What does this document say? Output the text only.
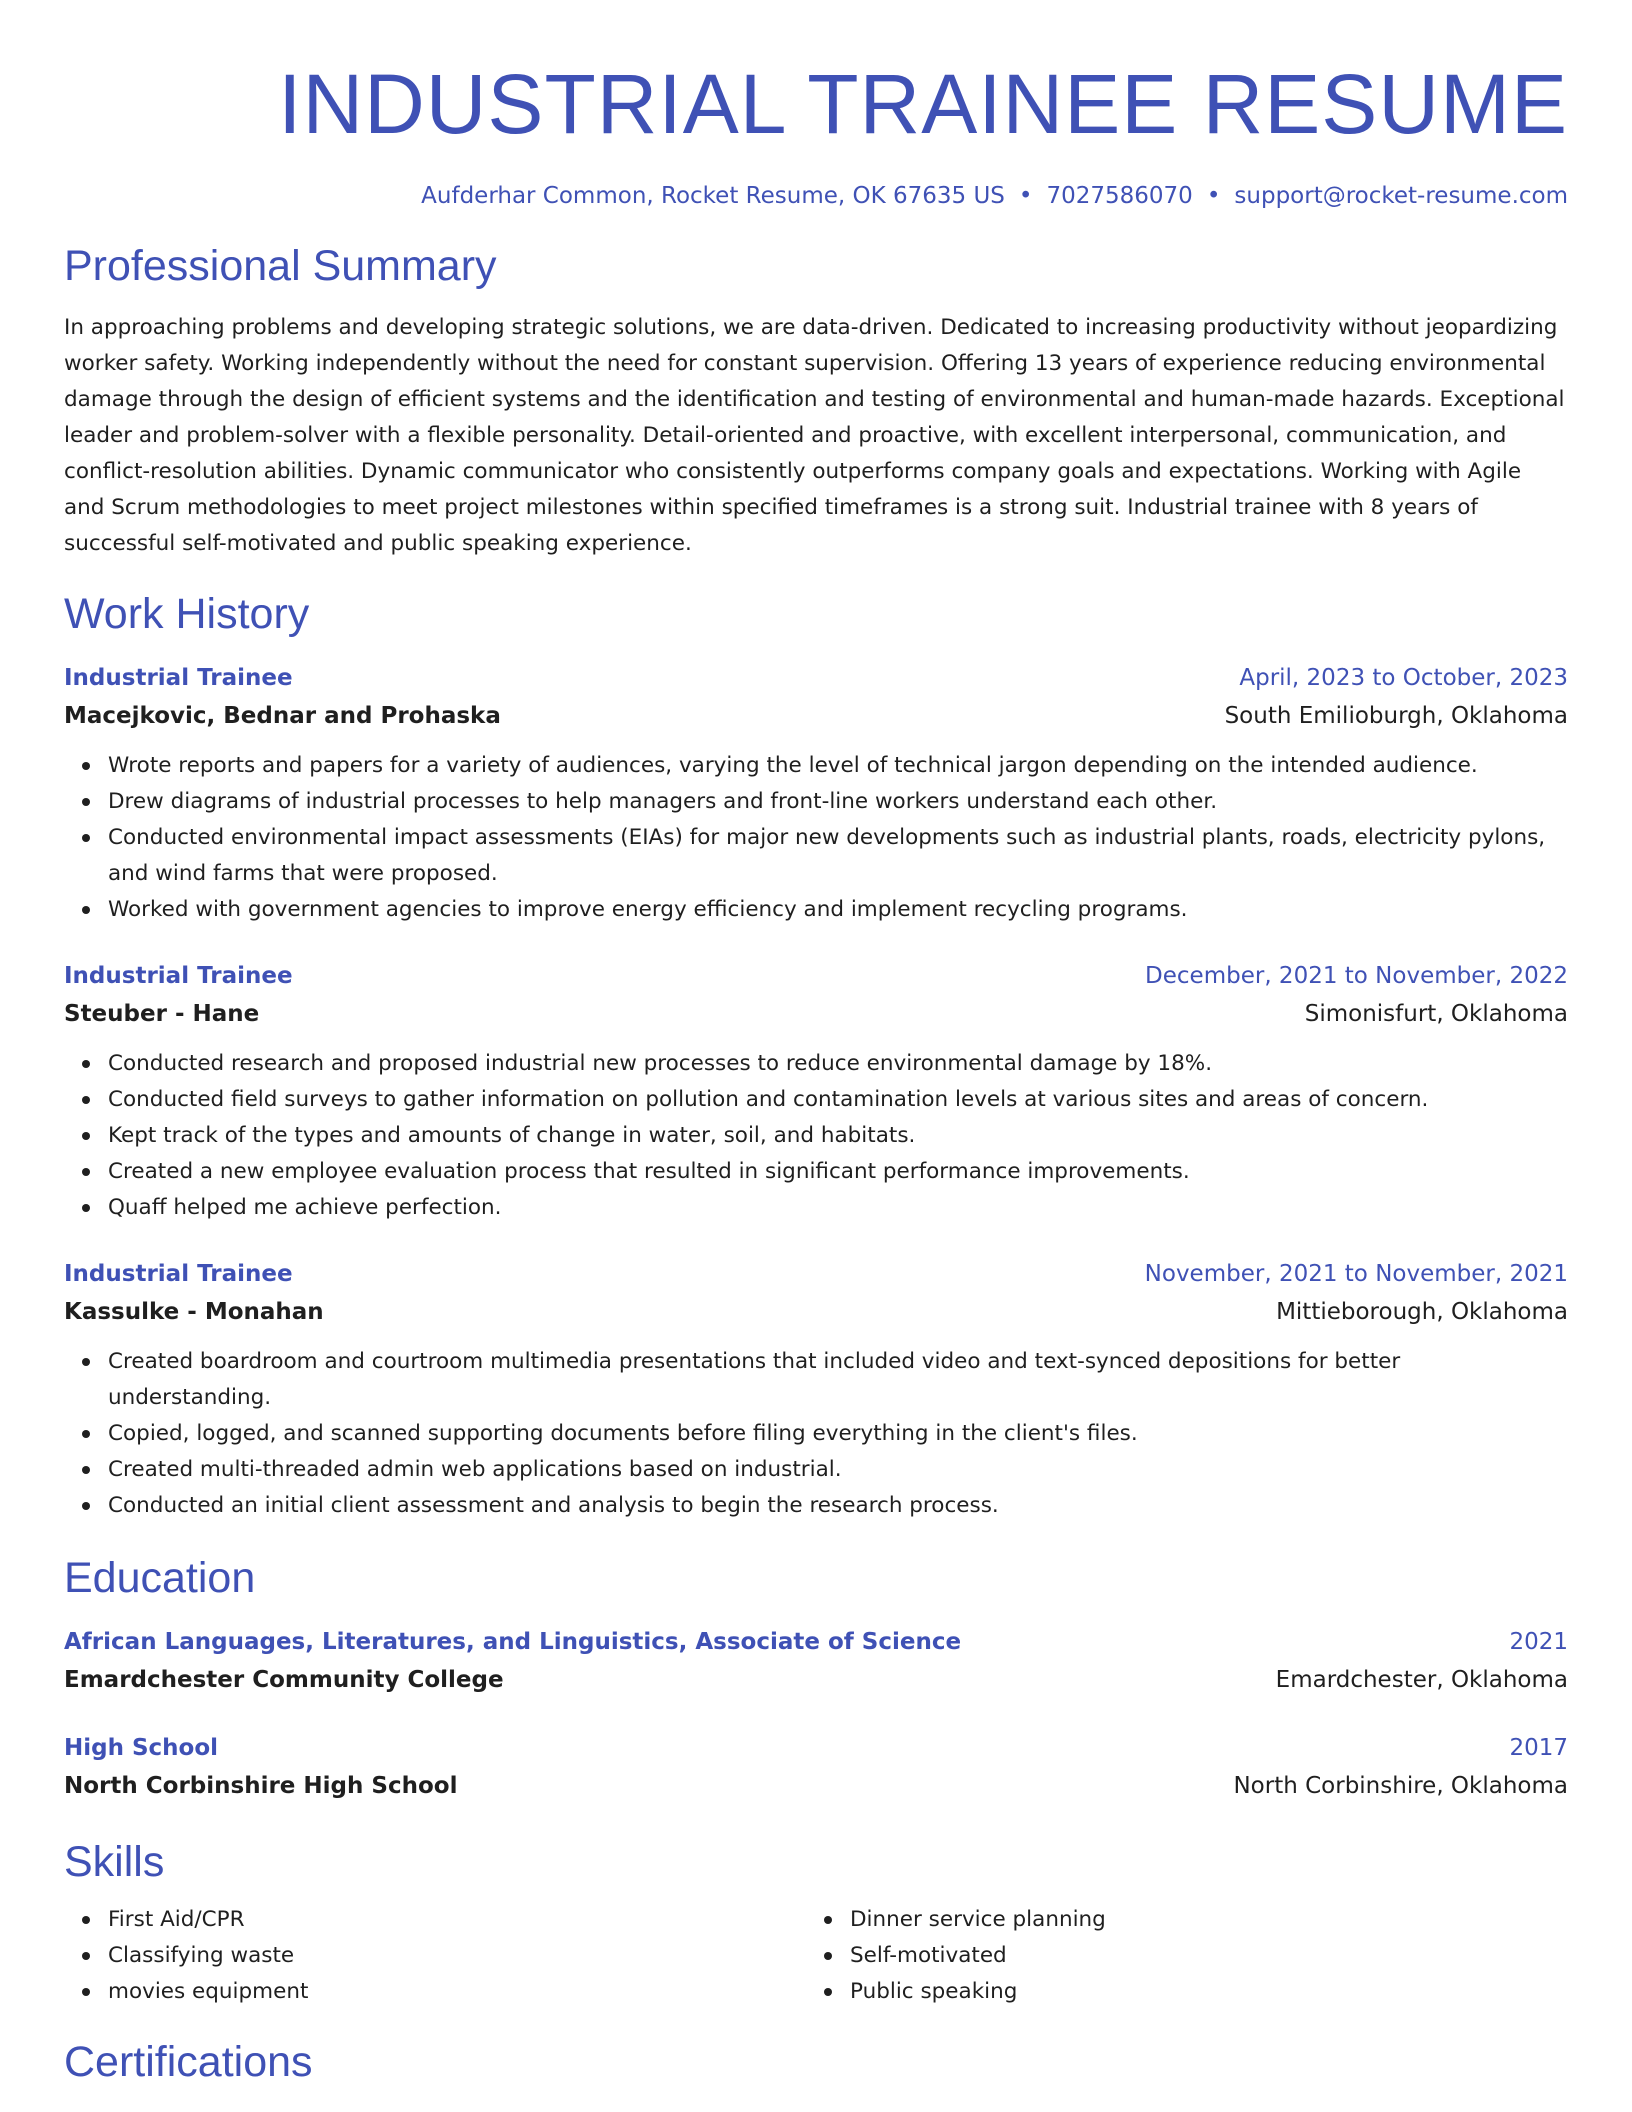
INDUSTRIAL TRAINEE RESUME
Aufderhar Common, Rocket Resume, OK 67635 US • 7027586070 • support@rocket-resume.com
Professional Summary

In approaching problems and developing strategic solutions, we are data-driven. Dedicated to increasing productivity without jeopardizing worker safety. Working independently without the need for constant supervision. Offering 13 years of experience reducing environmental damage through the design of efficient systems and the identification and testing of environmental and human-made hazards. Exceptional leader and problem-solver with a flexible personality. Detail-oriented and proactive, with excellent interpersonal, communication, and conflict-resolution abilities. Dynamic communicator who consistently outperforms company goals and expectations. Working with Agile and Scrum methodologies to meet project milestones within specified timeframes is a strong suit. Industrial trainee with 8 years of successful self-motivated and public speaking experience.

Work History
Industrial Trainee	April, 2023 to October, 2023
Macejkovic, Bednar and Prohaska	South Emilioburgh, Oklahoma
Wrote reports and papers for a variety of audiences, varying the level of technical jargon depending on the intended audience.
Drew diagrams of industrial processes to help managers and front-line workers understand each other.
Conducted environmental impact assessments (EIAs) for major new developments such as industrial plants, roads, electricity pylons, and wind farms that were proposed.
Worked with government agencies to improve energy efficiency and implement recycling programs.
Industrial Trainee	December, 2021 to November, 2022
Steuber - Hane	Simonisfurt, Oklahoma
Conducted research and proposed industrial new processes to reduce environmental damage by 18%.
Conducted field surveys to gather information on pollution and contamination levels at various sites and areas of concern.
Kept track of the types and amounts of change in water, soil, and habitats.
Created a new employee evaluation process that resulted in significant performance improvements.
Quaff helped me achieve perfection.
Industrial Trainee	November, 2021 to November, 2021
Kassulke - Monahan	Mittieborough, Oklahoma
Created boardroom and courtroom multimedia presentations that included video and text-synced depositions for better understanding.
Copied, logged, and scanned supporting documents before filing everything in the client's files.
Created multi-threaded admin web applications based on industrial.
Conducted an initial client assessment and analysis to begin the research process.
Education
African Languages, Literatures, and Linguistics, Associate of Science	2021
Emardchester Community College	Emardchester, Oklahoma
High School	2017
North Corbinshire High School	North Corbinshire, Oklahoma
Skills
First Aid/CPR
Classifying waste
movies equipment
Dinner service planning
Self-motivated
Public speaking
Certifications
